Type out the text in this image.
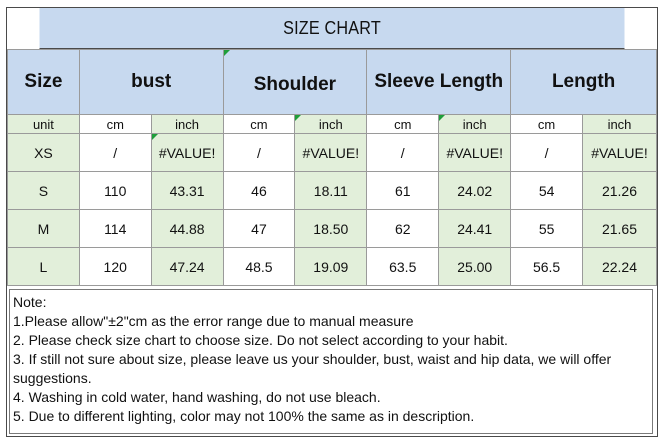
SIZE CHART
Size	bust		Shoulder		Sleeve Length		Length	
unit	cm	inch	cm	inch	cm	inch	cm	inch
XS	/	#VALUE!	/	#VALUE!	/	#VALUE!	/	#VALUE!
S	110	43.31	46	18.11	61	24.02	54	21.26
M	114	44.88	47	18.50	62	24.41	55	21.65
L	120	47.24	48.5	19.09	63.5	25.00	56.5	22.24
Note:
1.Please allow"±2"cm as the error range due to manual measure
2. Please check size chart to choose size. Do not select according to your habit.
3. If still not sure about size, please leave us your shoulder, bust, waist and hip data, we will offer suggestions.
4. Washing in cold water, hand washing, do not use bleach.
5. Due to different lighting, color may not 100% the same as in description.
